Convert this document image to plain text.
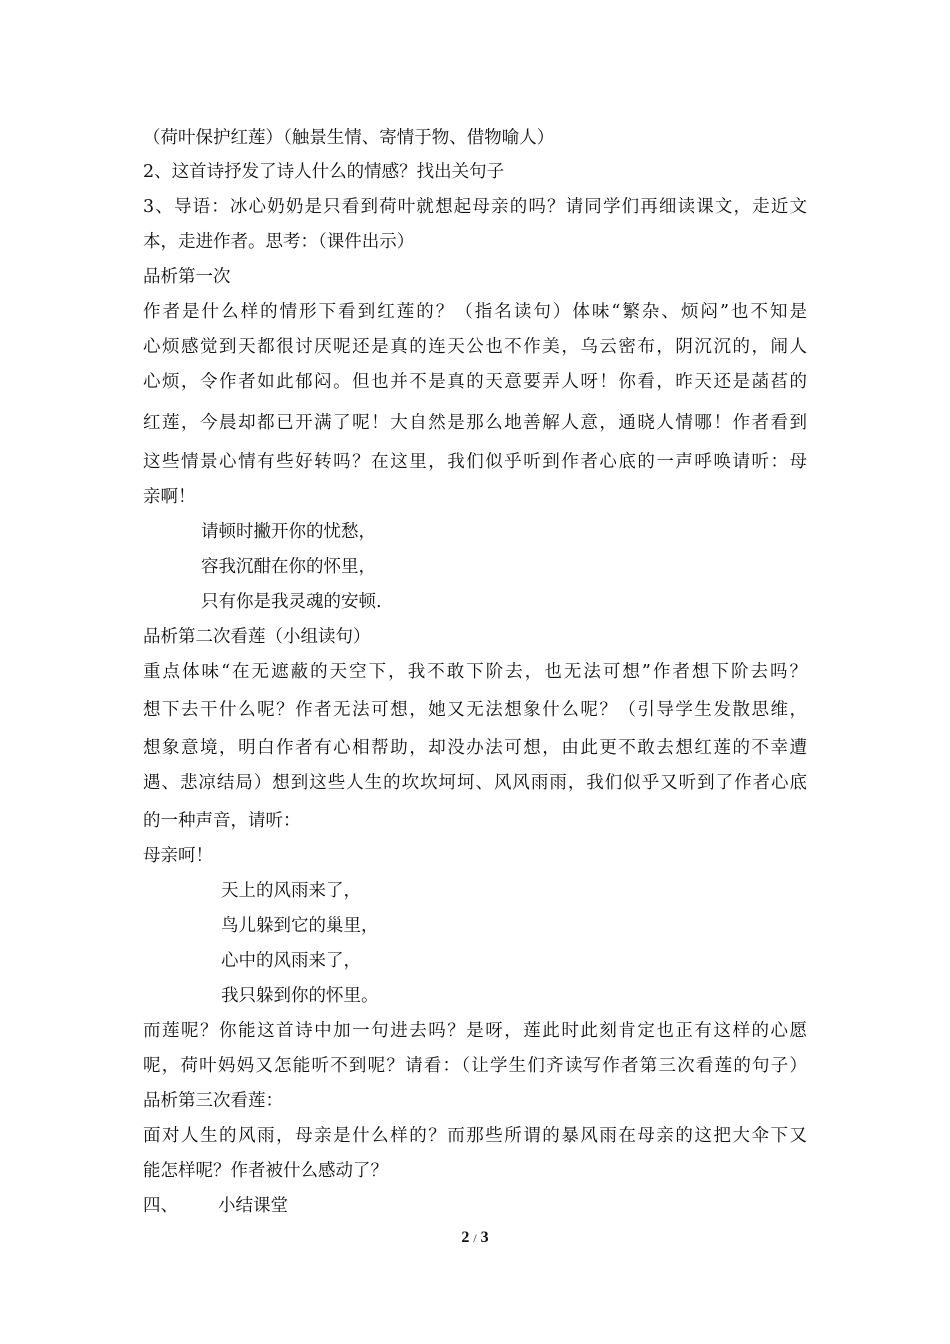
（荷叶保护红莲）（触景生情、寄情于物、借物喻人）
2、这首诗抒发了诗人什么的情感？找出关句子
3、导语：冰心奶奶是只看到荷叶就想起母亲的吗？请同学们再细读课文，走近文
本，走进作者。思考：（课件出示）
品析第一次
作者是什么样的情形下看到红莲的？（指名读句）体味“繁杂、烦闷”也不知是
心烦感觉到天都很讨厌呢还是真的连天公也不作美，乌云密布，阴沉沉的，闹人
心烦，令作者如此郁闷。但也并不是真的天意要弄人呀！你看，昨天还是菡萏的
红莲，今晨却都已开满了呢！大自然是那么地善解人意，通晓人情哪！作者看到
这些情景心情有些好转吗？在这里，我们似乎听到作者心底的一声呼唤请听：母
亲啊！
请顿时撇开你的忧愁，
容我沉酣在你的怀里，
只有你是我灵魂的安顿.
品析第二次看莲（小组读句）
重点体味“在无遮蔽的天空下，我不敢下阶去，也无法可想”作者想下阶去吗？
想下去干什么呢？作者无法可想，她又无法想象什么呢？（引导学生发散思维，
想象意境，明白作者有心相帮助，却没办法可想，由此更不敢去想红莲的不幸遭
遇、悲凉结局）想到这些人生的坎坎坷坷、风风雨雨，我们似乎又听到了作者心底
的一种声音，请听：
母亲呵！
天上的风雨来了，
鸟儿躲到它的巢里，
心中的风雨来了，
我只躲到你的怀里。
而莲呢？你能这首诗中加一句进去吗？是呀，莲此时此刻肯定也正有这样的心愿
呢，荷叶妈妈又怎能听不到呢？请看：（让学生们齐读写作者第三次看莲的句子）
品析第三次看莲：
面对人生的风雨，母亲是什么样的？而那些所谓的暴风雨在母亲的这把大伞下又
能怎样呢？作者被什么感动了？
四、 小结课堂
2 / 3
